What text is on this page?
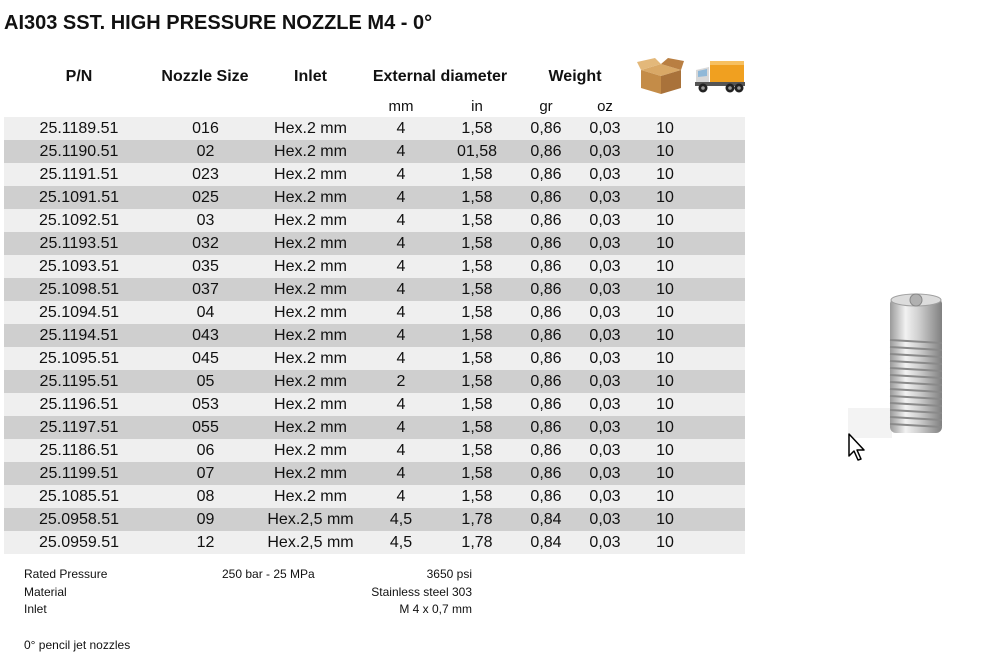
AI303 SST. HIGH PRESSURE NOZZLE M4 - 0°
P/N	Nozzle Size	Inlet	External diameter	Weight
mm	in	gr	oz
25.1189.51	016	Hex.2 mm	4	1,58	0,86	0,03	10
25.1190.51	02	Hex.2 mm	4	01,58	0,86	0,03	10
25.1191.51	023	Hex.2 mm	4	1,58	0,86	0,03	10
25.1091.51	025	Hex.2 mm	4	1,58	0,86	0,03	10
25.1092.51	03	Hex.2 mm	4	1,58	0,86	0,03	10
25.1193.51	032	Hex.2 mm	4	1,58	0,86	0,03	10
25.1093.51	035	Hex.2 mm	4	1,58	0,86	0,03	10
25.1098.51	037	Hex.2 mm	4	1,58	0,86	0,03	10
25.1094.51	04	Hex.2 mm	4	1,58	0,86	0,03	10
25.1194.51	043	Hex.2 mm	4	1,58	0,86	0,03	10
25.1095.51	045	Hex.2 mm	4	1,58	0,86	0,03	10
25.1195.51	05	Hex.2 mm	2	1,58	0,86	0,03	10
25.1196.51	053	Hex.2 mm	4	1,58	0,86	0,03	10
25.1197.51	055	Hex.2 mm	4	1,58	0,86	0,03	10
25.1186.51	06	Hex.2 mm	4	1,58	0,86	0,03	10
25.1199.51	07	Hex.2 mm	4	1,58	0,86	0,03	10
25.1085.51	08	Hex.2 mm	4	1,58	0,86	0,03	10
25.0958.51	09	Hex.2,5 mm	4,5	1,78	0,84	0,03	10
25.0959.51	12	Hex.2,5 mm	4,5	1,78	0,84	0,03	10
Rated Pressure	250 bar - 25 MPa	3650 psi
Material	Stainless steel 303
Inlet	M 4 x 0,7 mm
0° pencil jet nozzles
